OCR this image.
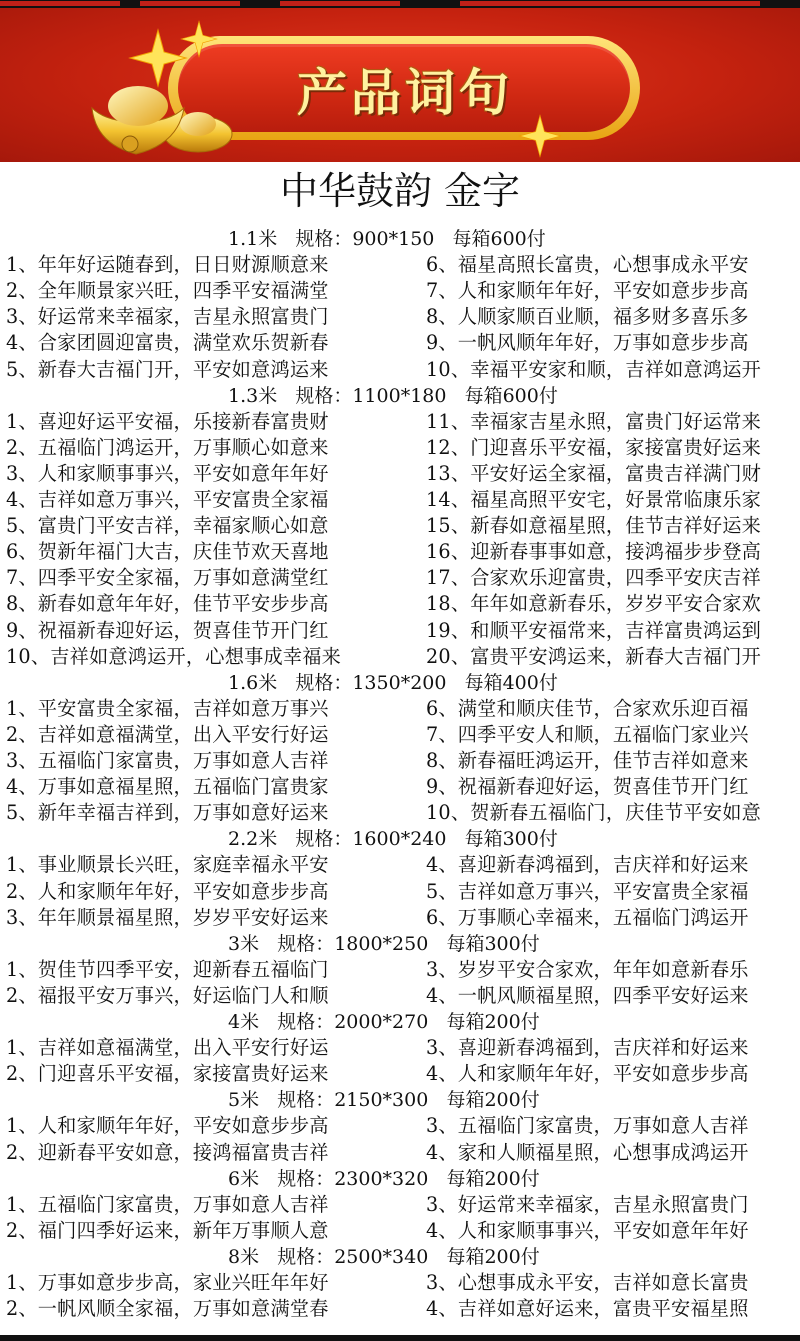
产品词句
中华鼓韵 金字
1.1米   规格：900*150   每箱600付
1、年年好运随春到，日日财源顺意来	6、福星高照长富贵，心想事成永平安
2、全年顺景家兴旺，四季平安福满堂	7、人和家顺年年好，平安如意步步高
3、好运常来幸福家，吉星永照富贵门	8、人顺家顺百业顺，福多财多喜乐多
4、合家团圆迎富贵，满堂欢乐贺新春	9、一帆风顺年年好，万事如意步步高
5、新春大吉福门开，平安如意鸿运来	10、幸福平安家和顺，吉祥如意鸿运开
1.3米   规格：1100*180   每箱600付
1、喜迎好运平安福，乐接新春富贵财	11、幸福家吉星永照，富贵门好运常来
2、五福临门鸿运开，万事顺心如意来	12、门迎喜乐平安福，家接富贵好运来
3、人和家顺事事兴，平安如意年年好	13、平安好运全家福，富贵吉祥满门财
4、吉祥如意万事兴，平安富贵全家福	14、福星高照平安宅，好景常临康乐家
5、富贵门平安吉祥，幸福家顺心如意	15、新春如意福星照，佳节吉祥好运来
6、贺新年福门大吉，庆佳节欢天喜地	16、迎新春事事如意，接鸿福步步登高
7、四季平安全家福，万事如意满堂红	17、合家欢乐迎富贵，四季平安庆吉祥
8、新春如意年年好，佳节平安步步高	18、年年如意新春乐，岁岁平安合家欢
9、祝福新春迎好运，贺喜佳节开门红	19、和顺平安福常来，吉祥富贵鸿运到
10、吉祥如意鸿运开，心想事成幸福来	20、富贵平安鸿运来，新春大吉福门开
1.6米   规格：1350*200   每箱400付
1、平安富贵全家福，吉祥如意万事兴	6、满堂和顺庆佳节，合家欢乐迎百福
2、吉祥如意福满堂，出入平安行好运	7、四季平安人和顺，五福临门家业兴
3、五福临门家富贵，万事如意人吉祥	8、新春福旺鸿运开，佳节吉祥如意来
4、万事如意福星照，五福临门富贵家	9、祝福新春迎好运，贺喜佳节开门红
5、新年幸福吉祥到，万事如意好运来	10、贺新春五福临门，庆佳节平安如意
2.2米   规格：1600*240   每箱300付
1、事业顺景长兴旺，家庭幸福永平安	4、喜迎新春鸿福到，吉庆祥和好运来
2、人和家顺年年好，平安如意步步高	5、吉祥如意万事兴，平安富贵全家福
3、年年顺景福星照，岁岁平安好运来	6、万事顺心幸福来，五福临门鸿运开
3米   规格：1800*250   每箱300付
1、贺佳节四季平安，迎新春五福临门	3、岁岁平安合家欢，年年如意新春乐
2、福报平安万事兴，好运临门人和顺	4、一帆风顺福星照，四季平安好运来
4米   规格：2000*270   每箱200付
1、吉祥如意福满堂，出入平安行好运	3、喜迎新春鸿福到，吉庆祥和好运来
2、门迎喜乐平安福，家接富贵好运来	4、人和家顺年年好，平安如意步步高
5米   规格：2150*300   每箱200付
1、人和家顺年年好，平安如意步步高	3、五福临门家富贵，万事如意人吉祥
2、迎新春平安如意，接鸿福富贵吉祥	4、家和人顺福星照，心想事成鸿运开
6米   规格：2300*320   每箱200付
1、五福临门家富贵，万事如意人吉祥	3、好运常来幸福家，吉星永照富贵门
2、福门四季好运来，新年万事顺人意	4、人和家顺事事兴，平安如意年年好
8米   规格：2500*340   每箱200付
1、万事如意步步高，家业兴旺年年好	3、心想事成永平安，吉祥如意长富贵
2、一帆风顺全家福，万事如意满堂春	4、吉祥如意好运来，富贵平安福星照
